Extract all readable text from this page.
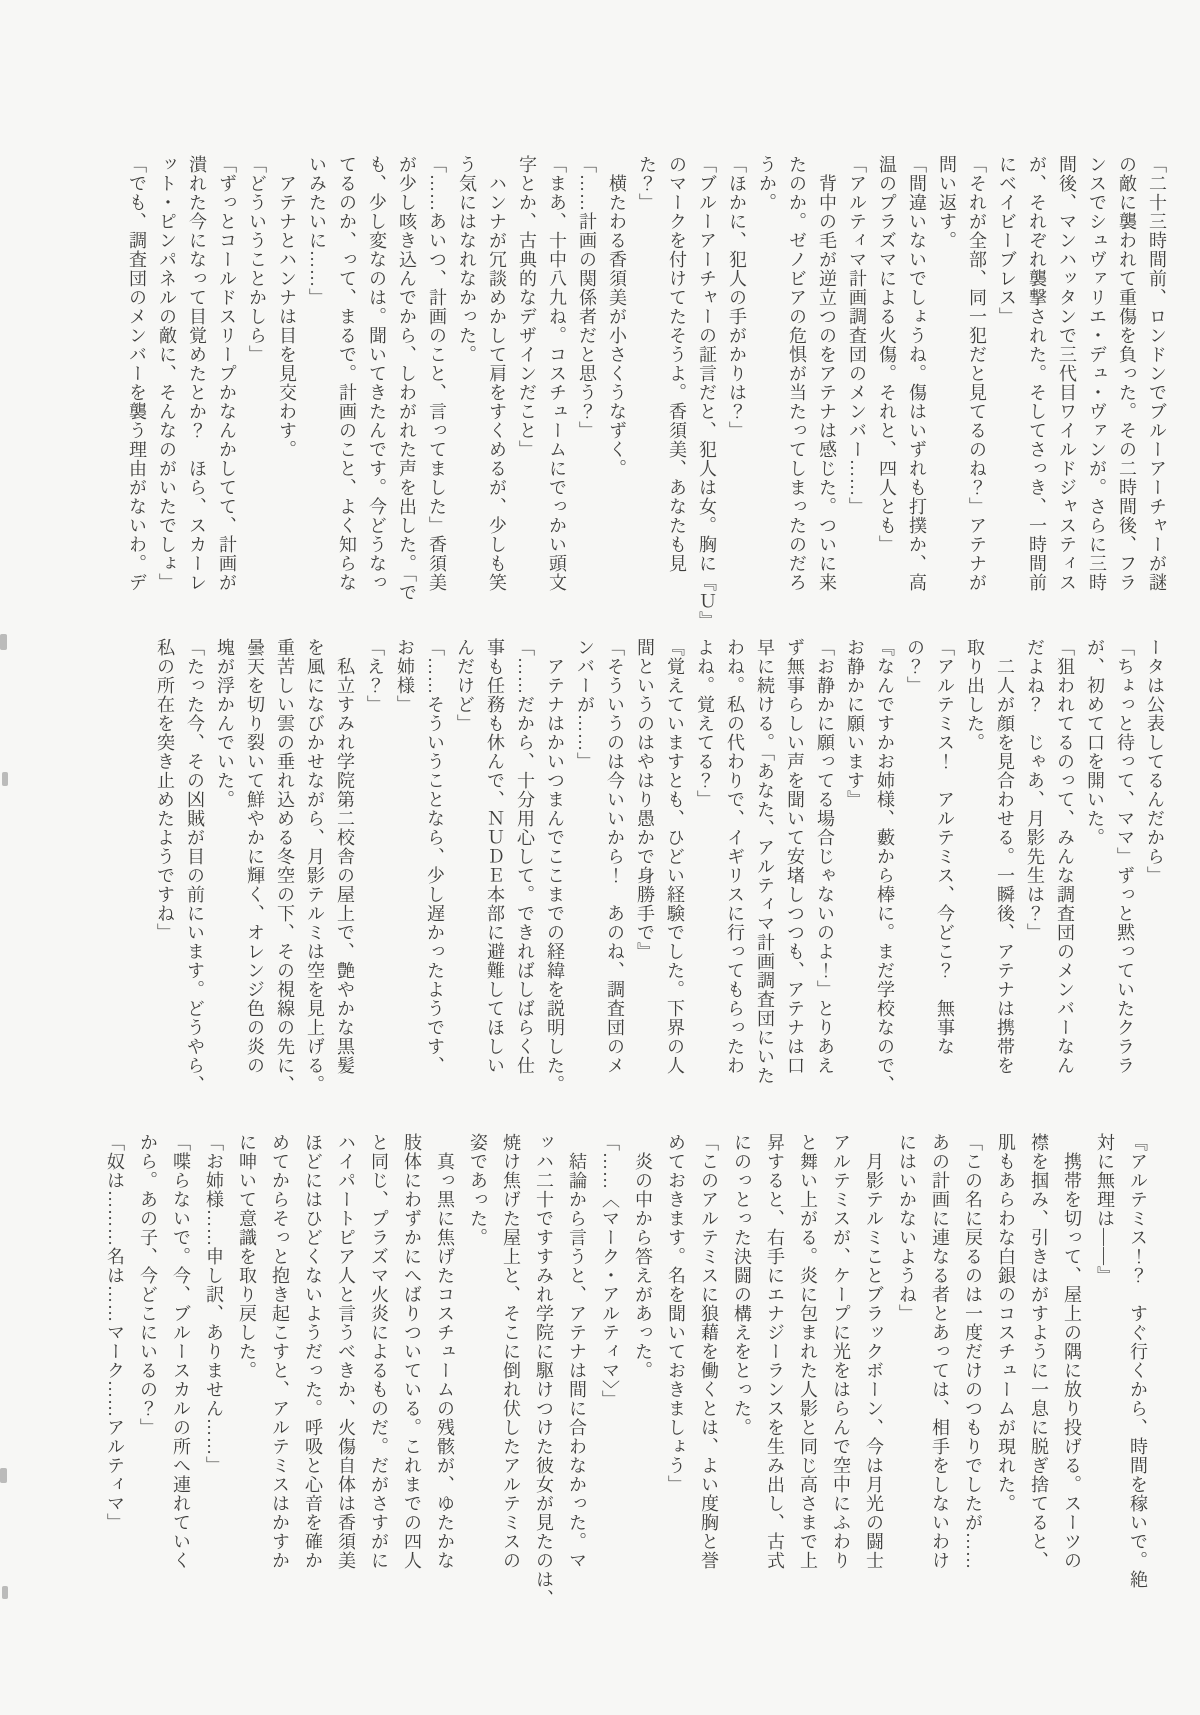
「二十三時間前、ロンドンでブルーアーチャーが謎
の敵に襲われて重傷を負った。その二時間後、フラ
ンスでシュヴァリエ・デュ・ヴァンが。さらに三時
間後、マンハッタンで三代目ワイルドジャスティス
が、それぞれ襲撃された。そしてさっき、一時間前
にベイビーブレス」
「それが全部、同一犯だと見てるのね？」アテナが
問い返す。
「間違いないでしょうね。傷はいずれも打撲か、高
温のプラズマによる火傷。それと、四人とも」
「アルティマ計画調査団のメンバー……」
　背中の毛が逆立つのをアテナは感じた。ついに来
たのか。ゼノビアの危惧が当たってしまったのだろ
うか。
「ほかに、犯人の手がかりは？」
「ブルーアーチャーの証言だと、犯人は女。胸に『Ｕ』
のマークを付けてたそうよ。香須美、あなたも見
た？」
　横たわる香須美が小さくうなずく。
「……計画の関係者だと思う？」
「まあ、十中八九ね。コスチュームにでっかい頭文
字とか、古典的なデザインだこと」
　ハンナが冗談めかして肩をすくめるが、少しも笑
う気にはなれなかった。
「……あいつ、計画のこと、言ってました」香須美
が少し咳き込んでから、しわがれた声を出した。「で
も、少し変なのは。聞いてきたんです。今どうなっ
てるのか、って、まるで。計画のこと、よく知らな
いみたいに……」
　アテナとハンナは目を見交わす。
「どういうことかしら」
「ずっとコールドスリープかなんかしてて、計画が
潰れた今になって目覚めたとか？　ほら、スカーレ
ット・ピンパネルの敵に、そんなのがいたでしょ」
「でも、調査団のメンバーを襲う理由がないわ。デ
ータは公表してるんだから」
「ちょっと待って、ママ」ずっと黙っていたクララ
が、初めて口を開いた。
「狙われてるのって、みんな調査団のメンバーなん
だよね？　じゃあ、月影先生は？」
　二人が顔を見合わせる。一瞬後、アテナは携帯を
取り出した。
「アルテミス！　アルテミス、今どこ？　無事な
の？」
『なんですかお姉様、藪から棒に。まだ学校なので、
お静かに願います』
「お静かに願ってる場合じゃないのよ！」とりあえ
ず無事らしい声を聞いて安堵しつつも、アテナは口
早に続ける。「あなた、アルティマ計画調査団にいた
わね。私の代わりで、イギリスに行ってもらったわ
よね。覚えてる？」
『覚えていますとも、ひどい経験でした。下界の人
間というのはやはり愚かで身勝手で』
「そういうのは今いいから！　あのね、調査団のメ
ンバーが……」
　アテナはかいつまんでここまでの経緯を説明した。
「……だから、十分用心して。できればしばらく仕
事も任務も休んで、ＮＵＤＥ本部に避難してほしい
んだけど」
「……そういうことなら、少し遅かったようです、
お姉様」
「え？」
　私立すみれ学院第二校舎の屋上で、艶やかな黒髪
を風になびかせながら、月影テルミは空を見上げる。
重苦しい雲の垂れ込める冬空の下、その視線の先に、
曇天を切り裂いて鮮やかに輝く、オレンジ色の炎の
塊が浮かんでいた。
「たった今、その凶賊が目の前にいます。どうやら、
私の所在を突き止めたようですね」
『アルテミス！？　すぐ行くから、時間を稼いで。絶
対に無理は――』
　携帯を切って、屋上の隅に放り投げる。スーツの
襟を掴み、引きはがすように一息に脱ぎ捨てると、
肌もあらわな白銀のコスチュームが現れた。
「この名に戻るのは一度だけのつもりでしたが……
あの計画に連なる者とあっては、相手をしないわけ
にはいかないようね」
　月影テルミことブラックボーン、今は月光の闘士
アルテミスが、ケープに光をはらんで空中にふわり
と舞い上がる。炎に包まれた人影と同じ高さまで上
昇すると、右手にエナジーランスを生み出し、古式
にのっとった決闘の構えをとった。
「このアルテミスに狼藉を働くとは、よい度胸と誉
めておきます。名を聞いておきましょう」
　炎の中から答えがあった。
「……〈マーク・アルティマ〉」
　結論から言うと、アテナは間に合わなかった。マ
ッハ二十ですすみれ学院に駆けつけた彼女が見たのは、
焼け焦げた屋上と、そこに倒れ伏したアルテミスの
姿であった。
　真っ黒に焦げたコスチュームの残骸が、ゆたかな
肢体にわずかにへばりついている。これまでの四人
と同じ、プラズマ火炎によるものだ。だがさすがに
ハイパートピア人と言うべきか、火傷自体は香須美
ほどにはひどくないようだった。呼吸と心音を確か
めてからそっと抱き起こすと、アルテミスはかすか
に呻いて意識を取り戻した。
「お姉様……申し訳、ありません……」
「喋らないで。今、ブルースカルの所へ連れていく
から。あの子、今どこにいるの？」
「奴は………名は……マーク……アルティマ」
